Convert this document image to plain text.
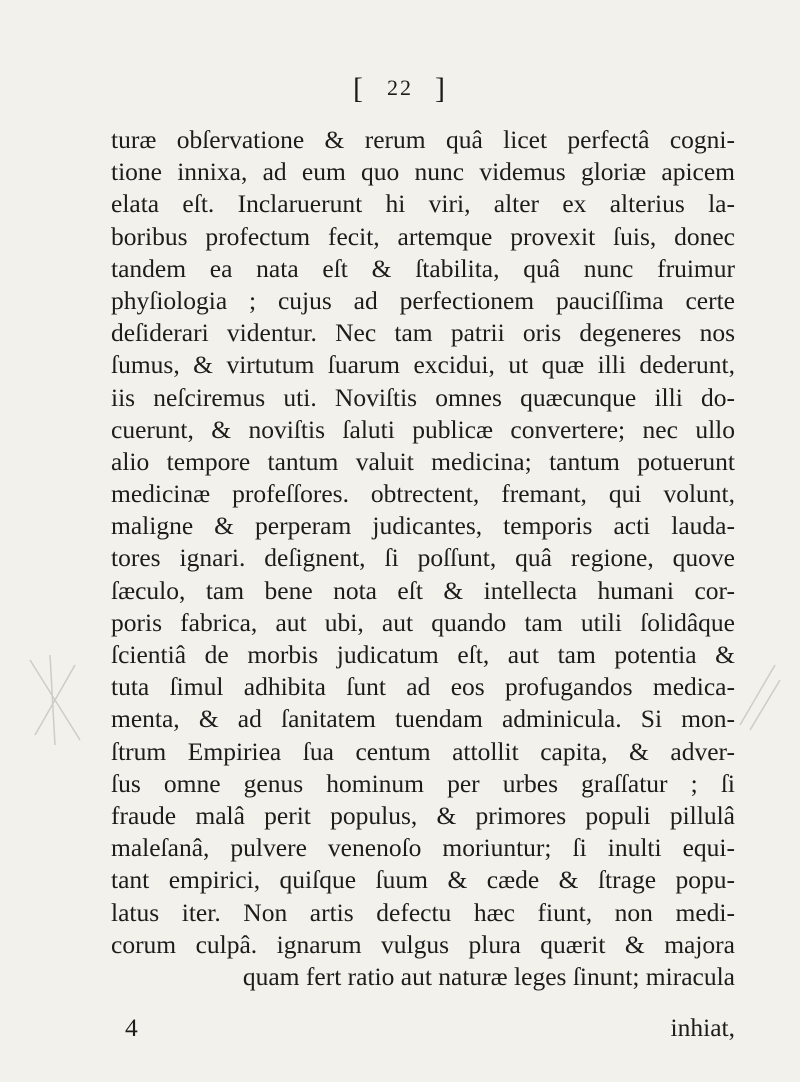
[ 22 ]
turæ obſervatione & rerum quâ licet perfectâ cogni-
tione innixa, ad eum quo nunc videmus gloriæ apicem
elata eſt. Inclaruerunt hi viri, alter ex alterius la-
boribus profectum fecit, artemque provexit ſuis, donec
tandem ea nata eſt & ſtabilita, quâ nunc fruimur
phyſiologia ; cujus ad perfectionem pauciſſima certe
deſiderari videntur. Nec tam patrii oris degeneres nos
ſumus, & virtutum ſuarum excidui, ut quæ illi dederunt,
iis neſciremus uti. Noviſtis omnes quæcunque illi do-
cuerunt, & noviſtis ſaluti publicæ convertere; nec ullo
alio tempore tantum valuit medicina; tantum potuerunt
medicinæ profeſſores. obtrectent, fremant, qui volunt,
maligne & perperam judicantes, temporis acti lauda-
tores ignari. deſignent, ſi poſſunt, quâ regione, quove
ſæculo, tam bene nota eſt & intellecta humani cor-
poris fabrica, aut ubi, aut quando tam utili ſolidâque
ſcientiâ de morbis judicatum eſt, aut tam potentia &
tuta ſimul adhibita ſunt ad eos profugandos medica-
menta, & ad ſanitatem tuendam adminicula. Si mon-
ſtrum Empiriea ſua centum attollit capita, & adver-
ſus omne genus hominum per urbes graſſatur ; ſi
fraude malâ perit populus, & primores populi pillulâ
maleſanâ, pulvere venenoſo moriuntur; ſi inulti equi-
tant empirici, quiſque ſuum & cæde & ſtrage popu-
latus iter. Non artis defectu hæc fiunt, non medi-
corum culpâ. ignarum vulgus plura quærit & majora
quam fert ratio aut naturæ leges ſinunt; miracula
4	inhiat,
